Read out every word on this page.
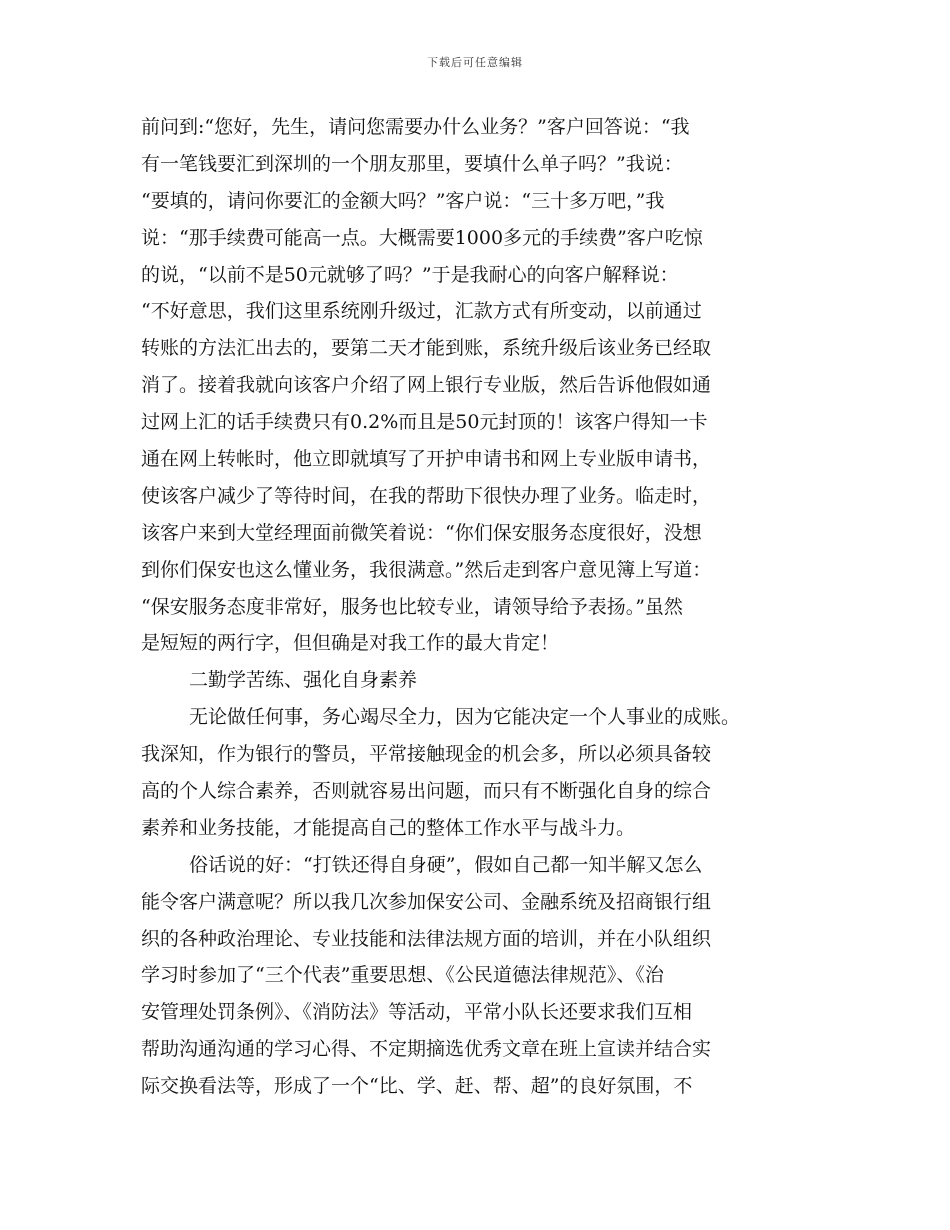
下载后可任意编辑
前问到:“您好，先生，请问您需要办什么业务？”客户回答说：“我
有一笔钱要汇到深圳的一个朋友那里，要填什么单子吗？”我说：
“要填的，请问你要汇的金额大吗？”客户说：“三十多万吧，”我
说：“那手续费可能高一点。大概需要1000多元的手续费”客户吃惊
的说，“以前不是50元就够了吗？”于是我耐心的向客户解释说：
“不好意思，我们这里系统刚升级过，汇款方式有所变动，以前通过
转账的方法汇出去的，要第二天才能到账，系统升级后该业务已经取
消了。接着我就向该客户介绍了网上银行专业版，然后告诉他假如通
过网上汇的话手续费只有0.2%而且是50元封顶的！该客户得知一卡
通在网上转帐时，他立即就填写了开护申请书和网上专业版申请书，
使该客户减少了等待时间，在我的帮助下很快办理了业务。临走时，
该客户来到大堂经理面前微笑着说：“你们保安服务态度很好，没想
到你们保安也这么懂业务，我很满意。”然后走到客户意见簿上写道：
“保安服务态度非常好，服务也比较专业，请领导给予表扬。”虽然
是短短的两行字，但但确是对我工作的最大肯定！
二勤学苦练、强化自身素养
无论做任何事，务心竭尽全力，因为它能决定一个人事业的成账。
我深知，作为银行的警员，平常接触现金的机会多，所以必须具备较
高的个人综合素养，否则就容易出问题，而只有不断强化自身的综合
素养和业务技能，才能提高自己的整体工作水平与战斗力。
俗话说的好：“打铁还得自身硬”，假如自己都一知半解又怎么
能令客户满意呢？所以我几次参加保安公司、金融系统及招商银行组
织的各种政治理论、专业技能和法律法规方面的培训，并在小队组织
学习时参加了“三个代表”重要思想、《公民道德法律规范》、《治
安管理处罚条例》、《消防法》等活动，平常小队长还要求我们互相
帮助沟通沟通的学习心得、不定期摘选优秀文章在班上宣读并结合实
际交换看法等，形成了一个“比、学、赶、帮、超”的良好氛围，不
